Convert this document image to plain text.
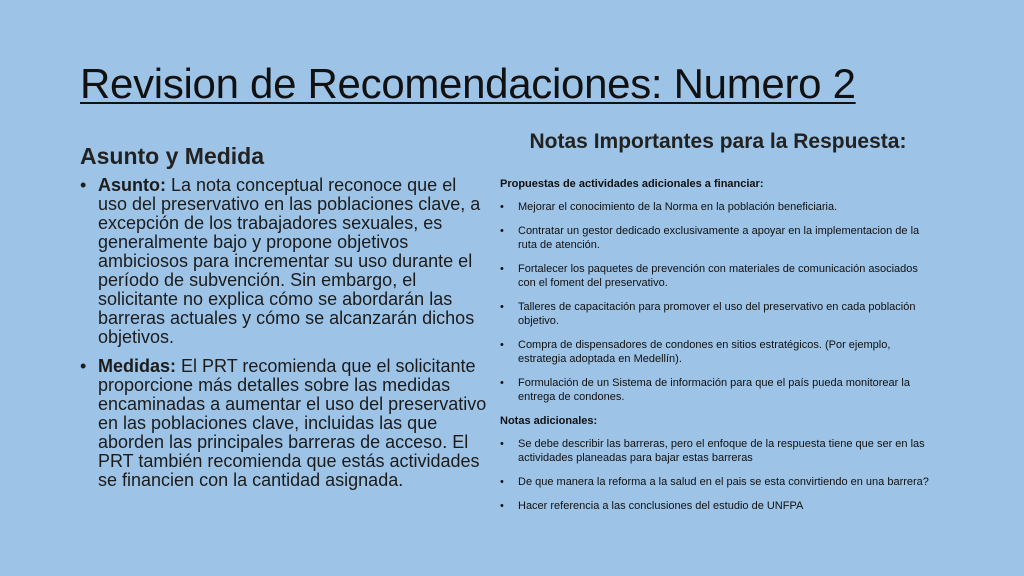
Revision de Recomendaciones: Numero 2
Asunto y Medida
• Asunto: La nota conceptual reconoce que el uso del preservativo en las poblaciones clave, a excepción de los trabajadores sexuales, es generalmente bajo y propone objetivos ambiciosos para incrementar su uso durante el período de subvención. Sin embargo, el solicitante no explica cómo se abordarán las barreras actuales y cómo se alcanzarán dichos objetivos.
• Medidas: El PRT recomienda que el solicitante proporcione más detalles sobre las medidas encaminadas a aumentar el uso del preservativo en las poblaciones clave, incluidas las que aborden las principales barreras de acceso. El PRT también recomienda que estás actividades se financien con la cantidad asignada.
Notas Importantes para la Respuesta:

Propuestas de actividades adicionales a financiar:

• Mejorar el conocimiento de la Norma en la población beneficiaria.
• Contratar un gestor dedicado exclusivamente a apoyar en la implementacion de la ruta de atención.
• Fortalecer los paquetes de prevención con materiales de comunicación asociados con el foment del preservativo.
• Talleres de capacitación para promover el uso del preservativo en cada población objetivo.
• Compra de dispensadores de condones en sitios estratégicos. (Por ejemplo, estrategia adoptada en Medellín).
• Formulación de un Sistema de información para que el país pueda monitorear la entrega de condones.

Notas adicionales:

• Se debe describir las barreras, pero el enfoque de la respuesta tiene que ser en las actividades planeadas para bajar estas barreras
• De que manera la reforma a la salud en el pais se esta convirtiendo en una barrera?
• Hacer referencia a las conclusiones del estudio de UNFPA
